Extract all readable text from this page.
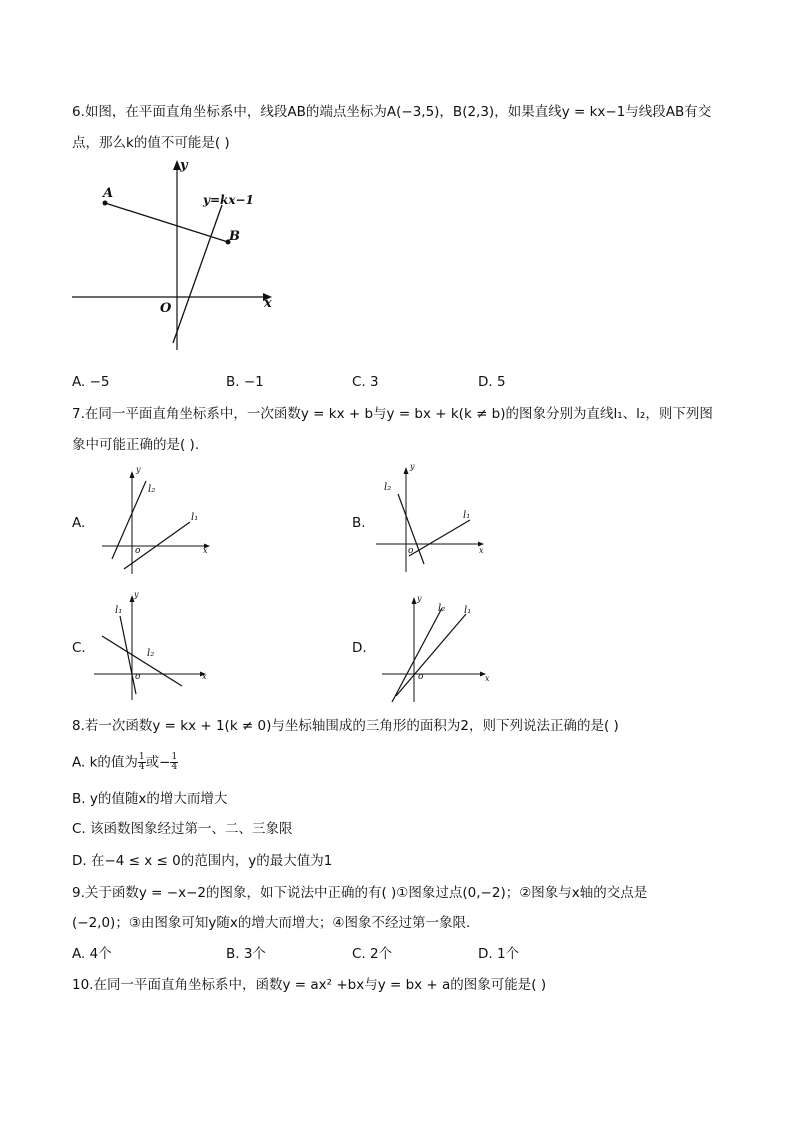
6.如图，在平面直角坐标系中，线段AB的端点坐标为A(−3,5)，B(2,3)，如果直线y = kx−1与线段AB有交
点，那么k的值不可能是( )
A
B
O	x
y
y=kx−1
A. −5	B. −1	C. 3	D. 5
7.在同一平面直角坐标系中，一次函数y = kx + b与y = bx + k(k ≠ b)的图象分别为直线l₁、l₂，则下列图
象中可能正确的是( ).
A.
y
x
o
l₂
l₁	B.
y
x
o
l₂
l₁
C.
y
x
o
l₁
l₂	D.
y
x
o
l₂ l₁
8.若一次函数y = kx + 1(k ≠ 0)与坐标轴围成的三角形的面积为2，则下列说法正确的是( )
A. k的值为 $\frac{1}{4}$ 或− $\frac{1}{4}$
B. y的值随x的增大而增大
C. 该函数图象经过第一、二、三象限
D. 在−4 ≤ x ≤ 0的范围内，y的最大值为1
9.关于函数y = −x−2的图象，如下说法中正确的有( )①图象过点(0,−2)；②图象与x轴的交点是
(−2,0)；③由图象可知y随x的增大而增大；④图象不经过第一象限．
A. 4个	B. 3个	C. 2个	D. 1个
10.在同一平面直角坐标系中，函数y = ax² +bx与y = bx + a的图象可能是( )
